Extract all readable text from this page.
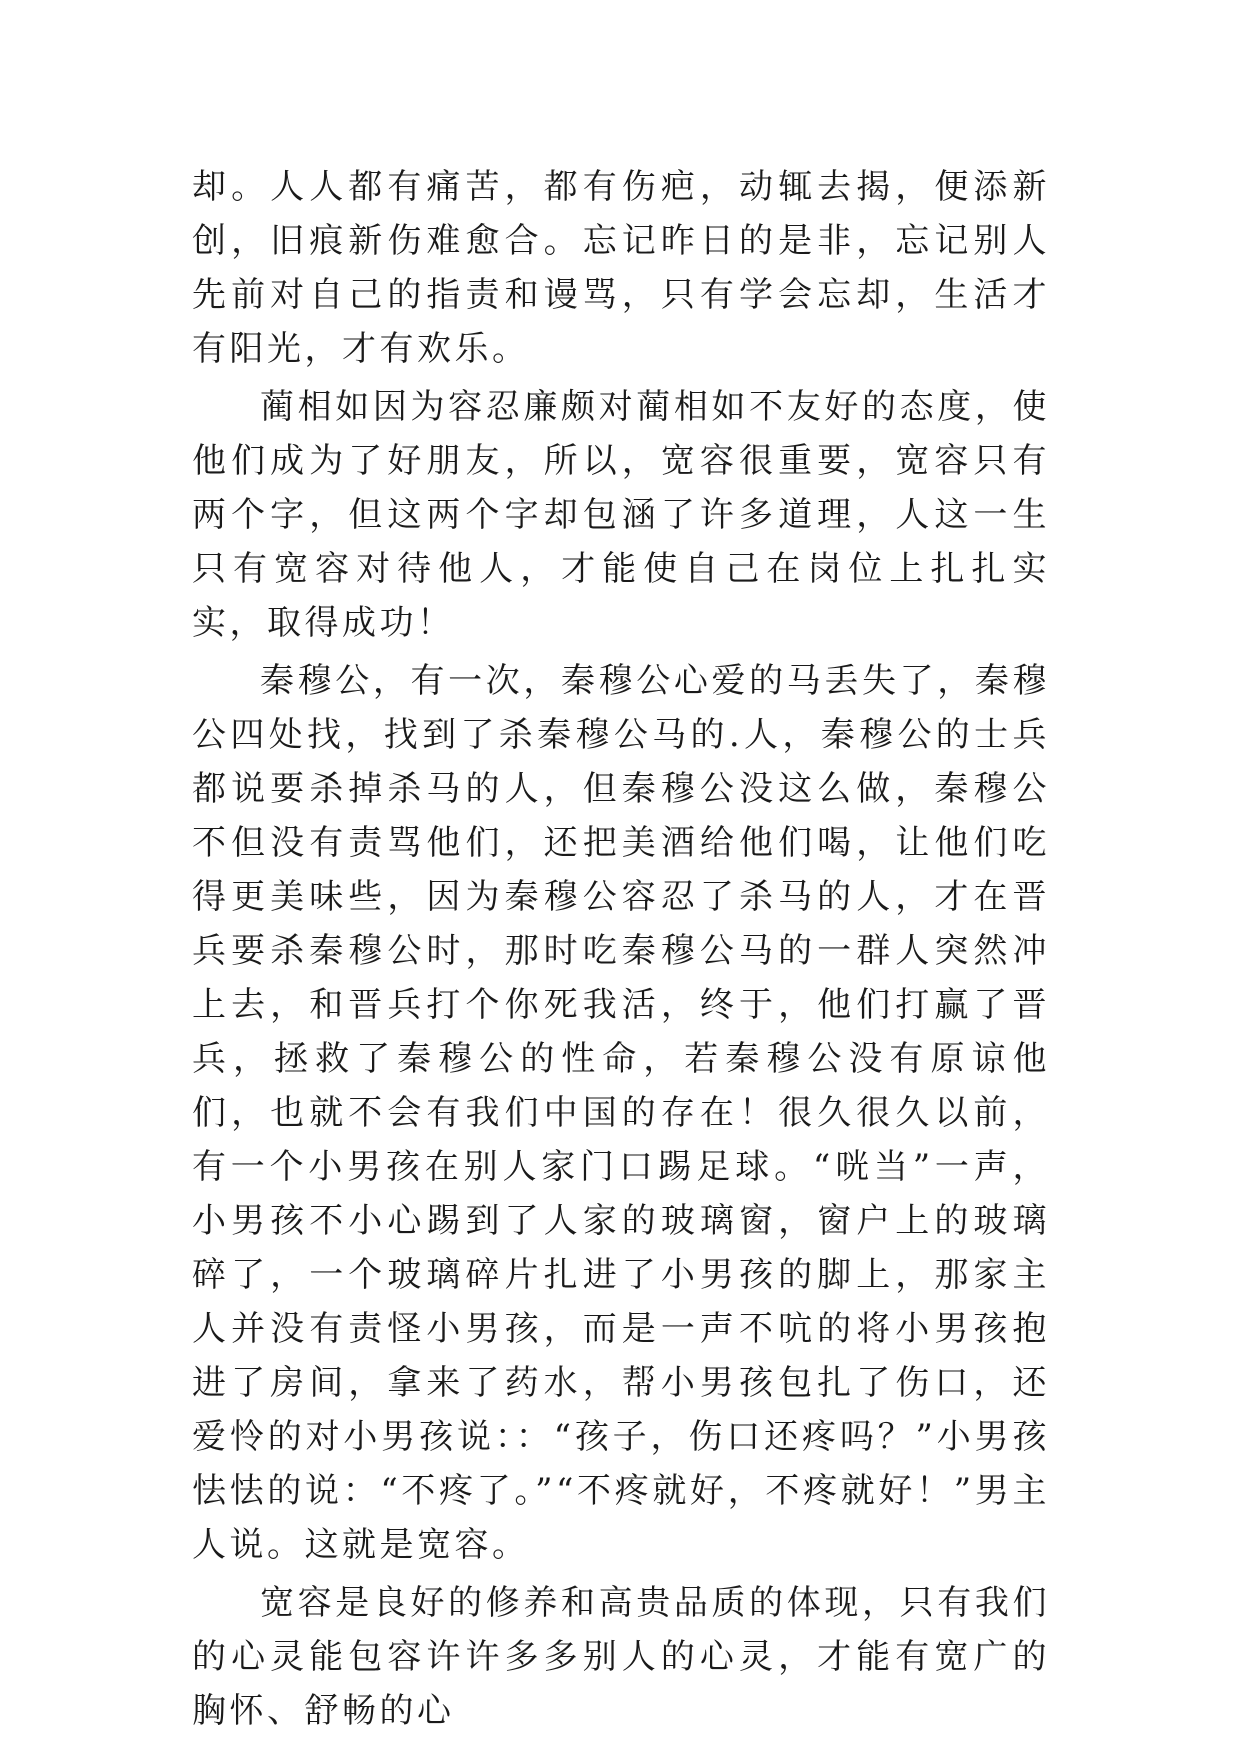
却。人人都有痛苦，都有伤疤，动辄去揭，便添新创，旧痕新伤难愈合。忘记昨日的是非，忘记别人先前对自己的指责和谩骂，只有学会忘却，生活才有阳光，才有欢乐。

蔺相如因为容忍廉颇对蔺相如不友好的态度，使他们成为了好朋友，所以，宽容很重要，宽容只有两个字，但这两个字却包涵了许多道理，人这一生只有宽容对待他人，才能使自己在岗位上扎扎实实，取得成功！

秦穆公，有一次，秦穆公心爱的马丢失了，秦穆公四处找，找到了杀秦穆公马的.人，秦穆公的士兵都说要杀掉杀马的人，但秦穆公没这么做，秦穆公不但没有责骂他们，还把美酒给他们喝，让他们吃得更美味些，因为秦穆公容忍了杀马的人，才在晋兵要杀秦穆公时，那时吃秦穆公马的一群人突然冲上去，和晋兵打个你死我活，终于，他们打赢了晋兵，拯救了秦穆公的性命，若秦穆公没有原谅他们，也就不会有我们中国的存在！很久很久以前，有一个小男孩在别人家门口踢足球。“咣当”一声，小男孩不小心踢到了人家的玻璃窗，窗户上的玻璃碎了，一个玻璃碎片扎进了小男孩的脚上，那家主人并没有责怪小男孩，而是一声不吭的将小男孩抱进了房间，拿来了药水，帮小男孩包扎了伤口，还爱怜的对小男孩说：：“孩子，伤口还疼吗？”小男孩怯怯的说：“不疼了。”“不疼就好，不疼就好！”男主人说。这就是宽容。

宽容是良好的修养和高贵品质的体现，只有我们的心灵能包容许许多多别人的心灵，才能有宽广的胸怀、舒畅的心
